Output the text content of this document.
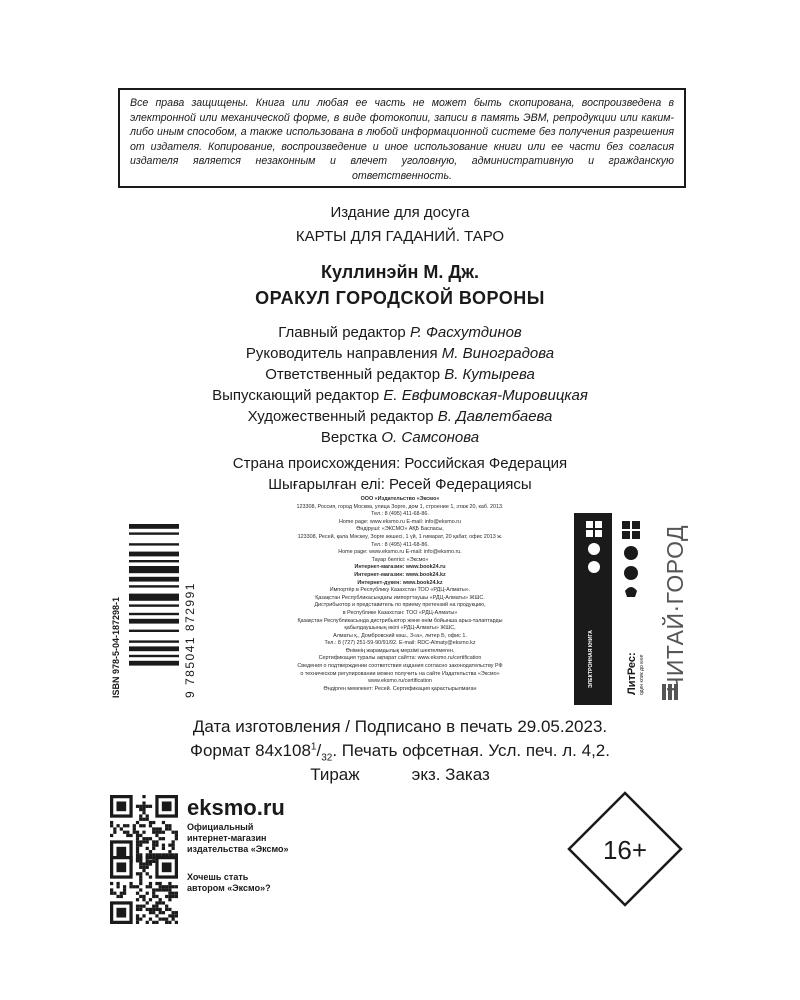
Все права защищены. Книга или любая ее часть не может быть скопирована, воспроизведена в электронной или механической форме, в виде фотокопии, записи в память ЭВМ, репродукции или каким-либо иным способом, а также использована в любой информационной системе без получения разрешения от издателя. Копирование, воспроизведение и иное использование книги или ее части без согласия издателя является незаконным и влечет уголовную, административную и гражданскую ответственность.
Издание для досуга
КАРТЫ ДЛЯ ГАДАНИЙ. ТАРО
Куллинэйн М. Дж.
ОРАКУЛ ГОРОДСКОЙ ВОРОНЫ
Главный редактор Р. Фасхутдинов
Руководитель направления М. Виноградова
Ответственный редактор В. Кутырева
Выпускающий редактор Е. Евфимовская-Мировицкая
Художественный редактор В. Давлетбаева
Верстка О. Самсонова
Страна происхождения: Российская Федерация
Шығарылған елі: Ресей Федерациясы
ООО «Издательство «Эксмо»
123308, Россия, город Москва, улица Зорге, дом 1, строение 1, этаж 20, каб. 2013.
Тел.: 8 (495) 411-68-86.
Home page: www.eksmo.ru E-mail: info@eksmo.ru
Өндіруші: «ЭКСМО» АҚБ Баспасы,
123308, Ресей, қала Мәскеу, Зорге көшесі, 1 үй, 1 ғимарат, 20 қабат, офис 2013 ж.
Тел.: 8 (495) 411-68-86.
Home page: www.eksmo.ru E-mail: info@eksmo.ru.
Тауар белгісі: «Эксмо»
Интернет-магазин: www.book24.ru
Интернет-магазин: www.book24.kz
Интернет-дүкен: www.book24.kz
Импортёр в Республику Казахстан ТОО «РДЦ-Алматы».
Қазақстан Республикасындағы импорттаушы «РДЦ-Алматы» ЖШС.
Дистрибьютор и представитель по приему претензий на продукцию,
в Республике Казахстан: ТОО «РДЦ-Алматы»
Қазақстан Республикасында дистрибьютор және өнім бойынша арыз-талаптарды
қабылдаушының өкілі «РДЦ-Алматы» ЖШС,
Алматы қ., Домбровский көш., 3«а», литер Б, офис 1.
Тел.: 8 (727) 251-59-90/91/92. E-mail: RDC-Almaty@eksmo.kz
Өнімнің жарамдылық мерзімі шектелмеген.
Сертификация туралы ақпарат сайтта: www.eksmo.ru/certification
Сведения о подтверждении соответствия издания согласно законодательству РФ
о техническом регулировании можно получить на сайте Издательства «Эксмо»
www.eksmo.ru/certification
Өндірген мемлекет: Ресей. Сертификация қарастырылмаған
ISBN 978-5-04-187298-1	9 785041 872991	ЭЛЕКТРОННАЯ КНИГА	ЛитРес: один клик до книг ЧИТАЙ·ГОРОД
Дата изготовления / Подписано в печать 29.05.2023.
Формат $84x108^1/_{32}$. Печать офсетная. Усл. печ. л. 4,2.
Тираж	экз. Заказ
eksmo.ru
Официальный
интернет-магазин
издательства «Эксмо»
Хочешь стать
автором «Эксмо»?
16+
